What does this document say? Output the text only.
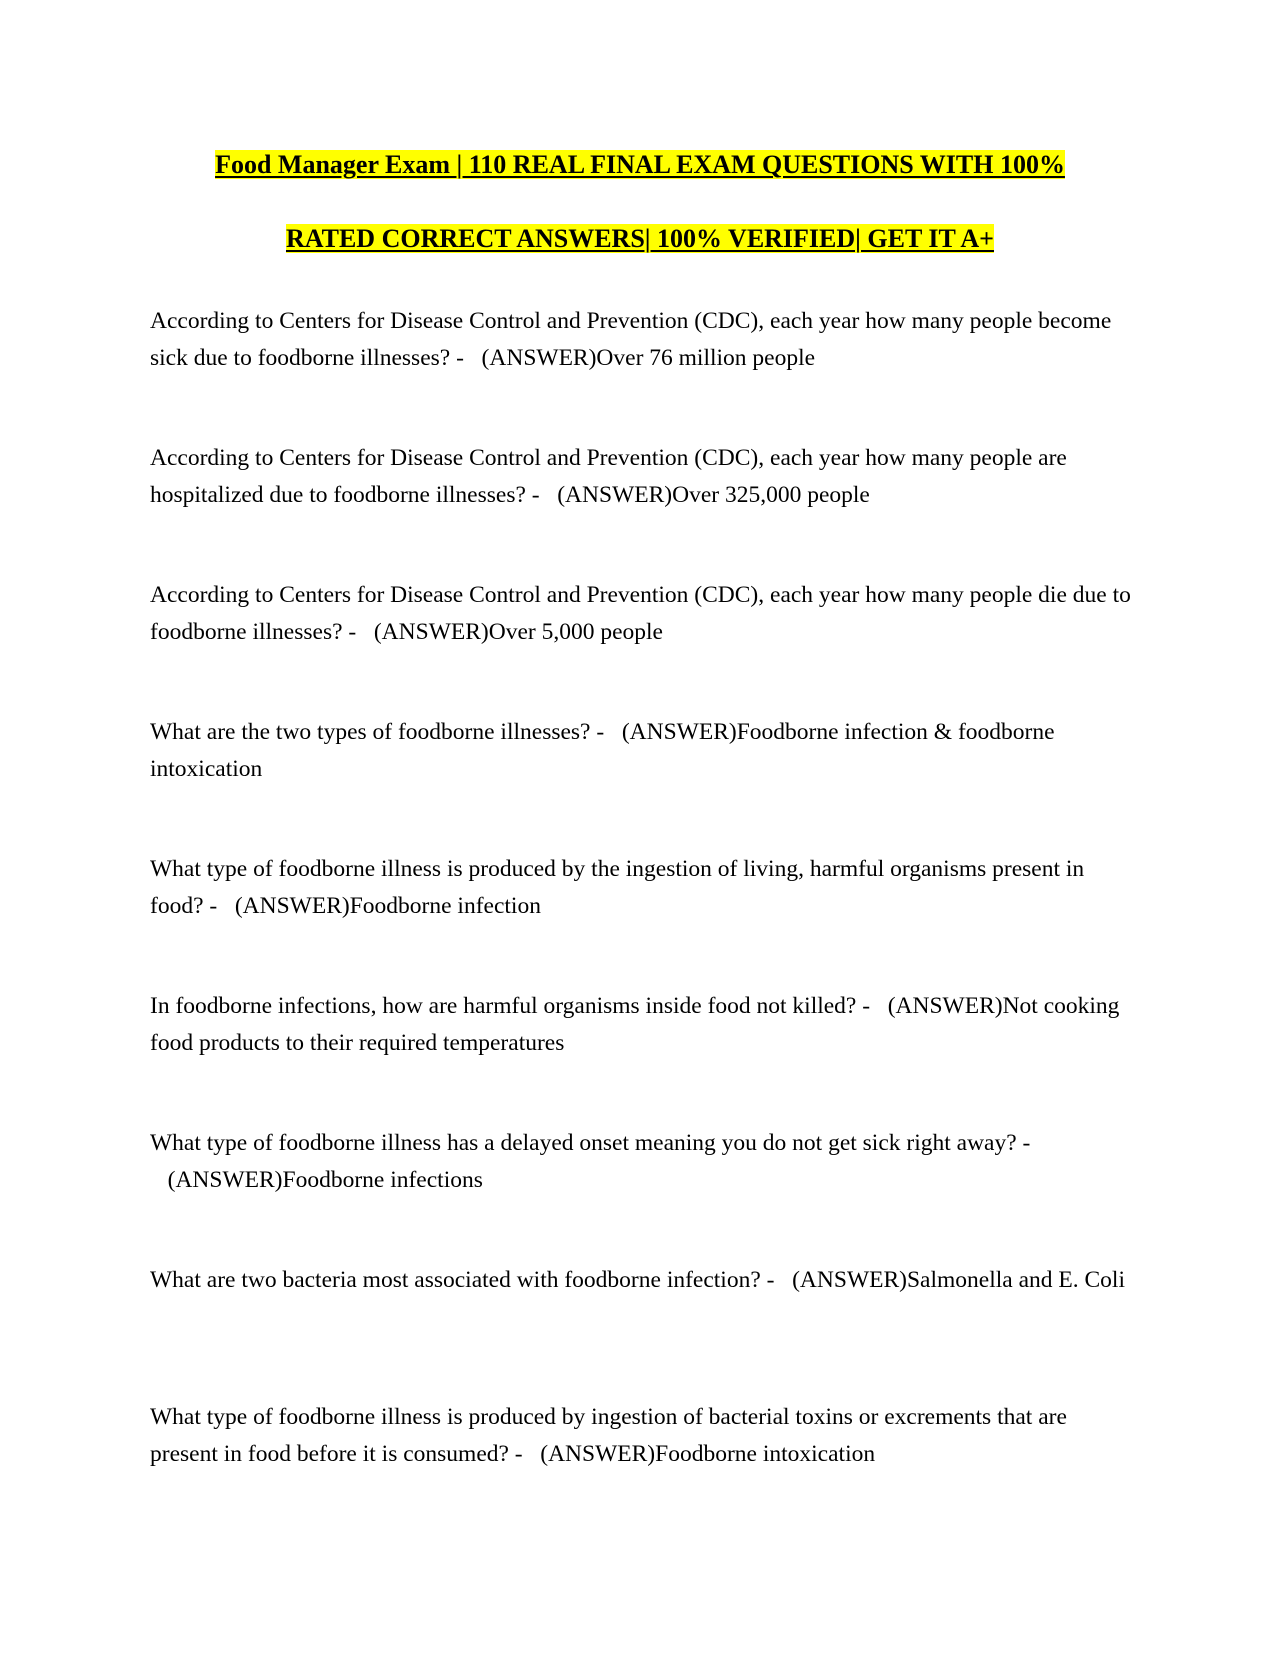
Food Manager Exam | 110 REAL FINAL EXAM QUESTIONS WITH 100%
RATED CORRECT ANSWERS| 100% VERIFIED| GET IT A+

According to Centers for Disease Control and Prevention (CDC), each year how many people become sick due to foodborne illnesses? - (ANSWER)Over 76 million people

According to Centers for Disease Control and Prevention (CDC), each year how many people are hospitalized due to foodborne illnesses? - (ANSWER)Over 325,000 people

According to Centers for Disease Control and Prevention (CDC), each year how many people die due to foodborne illnesses? - (ANSWER)Over 5,000 people

What are the two types of foodborne illnesses? - (ANSWER)Foodborne infection & foodborne intoxication

What type of foodborne illness is produced by the ingestion of living, harmful organisms present in food? - (ANSWER)Foodborne infection

In foodborne infections, how are harmful organisms inside food not killed? - (ANSWER)Not cooking food products to their required temperatures

What type of foodborne illness has a delayed onset meaning you do not get sick right away? -   (ANSWER)Foodborne infections

What are two bacteria most associated with foodborne infection? - (ANSWER)Salmonella and E. Coli

What type of foodborne illness is produced by ingestion of bacterial toxins or excrements that are present in food before it is consumed? - (ANSWER)Foodborne intoxication
